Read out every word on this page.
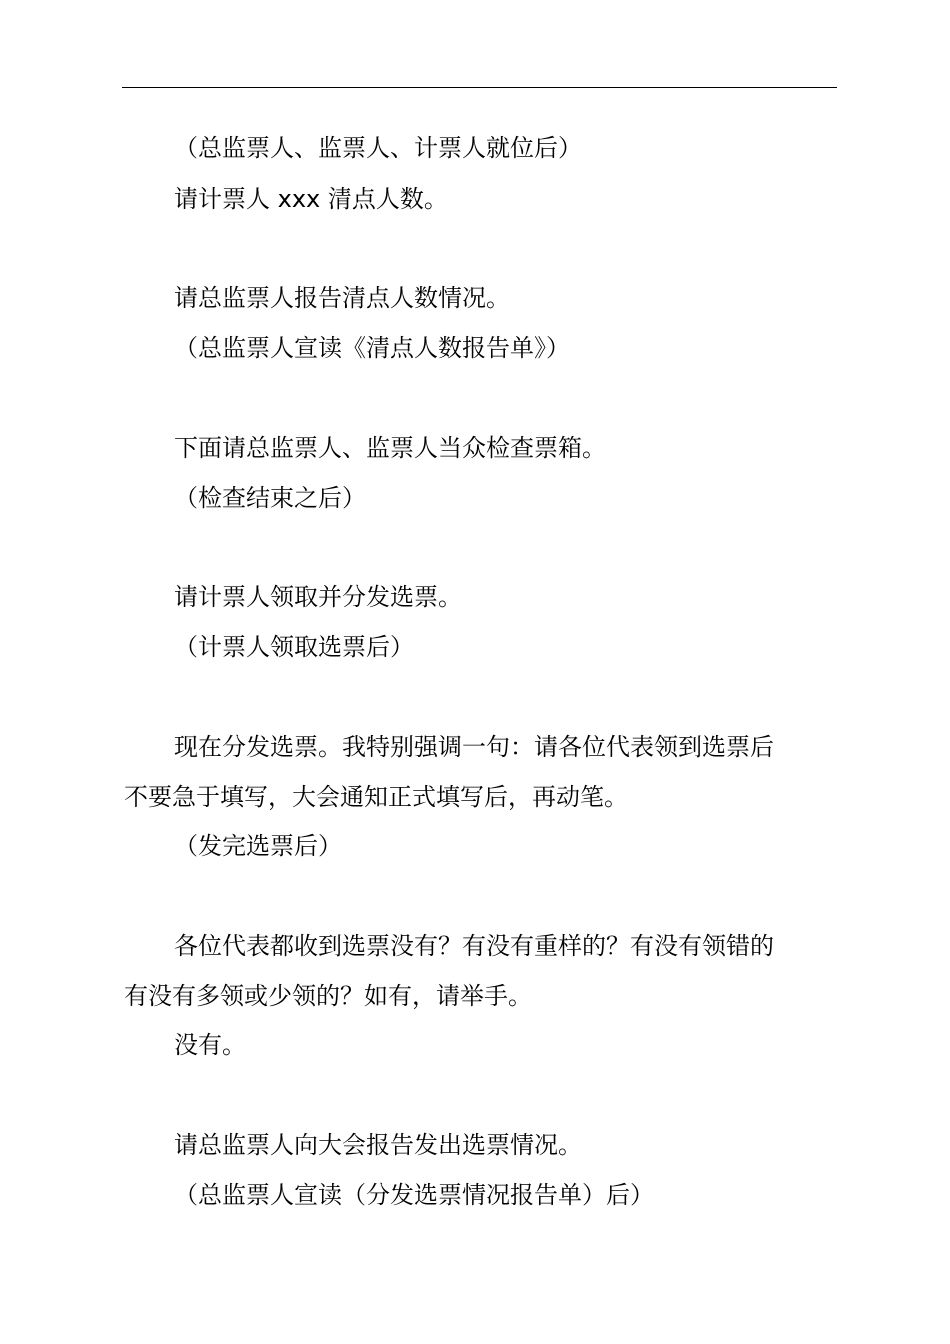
（总监票人、监票人、计票人就位后）
请计票人 xxx 清点人数。
请总监票人报告清点人数情况。
（总监票人宣读《清点人数报告单》）
下面请总监票人、监票人当众检查票箱。
（检查结束之后）
请计票人领取并分发选票。
（计票人领取选票后）
现在分发选票。我特别强调一句：请各位代表领到选票后
不要急于填写，大会通知正式填写后，再动笔。
（发完选票后）
各位代表都收到选票没有？有没有重样的？有没有领错的
有没有多领或少领的？如有，请举手。
没有。
请总监票人向大会报告发出选票情况。
（总监票人宣读（分发选票情况报告单）后）
